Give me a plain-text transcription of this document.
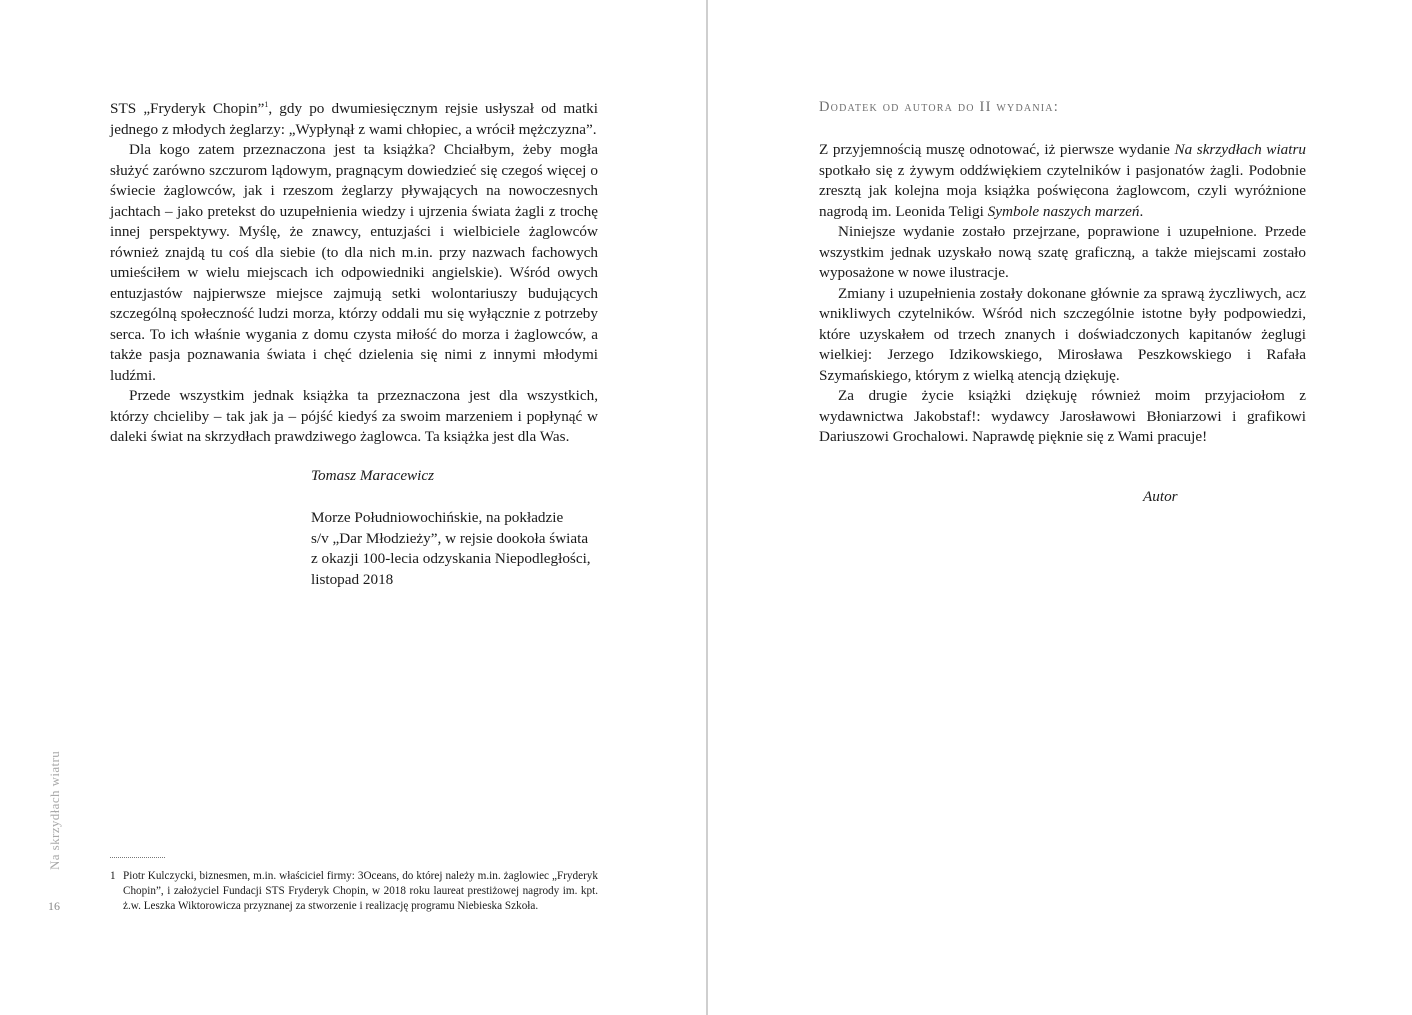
STS „Fryderyk Chopin”$^1$, gdy po dwumiesięcznym rejsie usłyszał od matki jednego z młodych żeglarzy: „Wypłynął z wami chłopiec, a wrócił mężczyzna”.

Dla kogo zatem przeznaczona jest ta książka? Chciałbym, żeby mogła służyć zarówno szczurom lądowym, pragnącym dowiedzieć się czegoś więcej o świecie żaglowców, jak i rzeszom żeglarzy pływających na nowoczesnych jachtach – jako pretekst do uzupełnienia wiedzy i ujrzenia świata żagli z trochę innej perspektywy. Myślę, że znawcy, entuzjaści i wielbiciele żaglowców również znajdą tu coś dla siebie (to dla nich m.in. przy nazwach fachowych umieściłem w wielu miejscach ich odpowiedniki angielskie). Wśród owych entuzjastów najpierwsze miejsce zajmują setki wolontariuszy budujących szczególną społeczność ludzi morza, którzy oddali mu się wyłącznie z potrzeby serca. To ich właśnie wygania z domu czysta miłość do morza i żaglowców, a także pasja poznawania świata i chęć dzielenia się nimi z innymi młodymi ludźmi.

Przede wszystkim jednak książka ta przeznaczona jest dla wszystkich, którzy chcieliby – tak jak ja – pójść kiedyś za swoim marzeniem i popłynąć w daleki świat na skrzydłach prawdziwego żaglowca. Ta książka jest dla Was.

Tomasz Maracewicz
Morze Południowochińskie, na pokładzie
s/v „Dar Młodzieży”, w rejsie dookoła świata
z okazji 100-lecia odzyskania Niepodległości,
listopad 2018
1 Piotr Kulczycki, biznesmen, m.in. właściciel firmy: 3Oceans, do której należy m.in. żaglowiec „Fryderyk Chopin”, i założyciel Fundacji STS Fryderyk Chopin, w 2018 roku laureat prestiżowej nagrody im. kpt. ż.w. Leszka Wiktorowicza przyznanej za stworzenie i realizację programu Niebieska Szkoła.
Na skrzydłach wiatru
16
Dodatek od autora do II wydania:

Z przyjemnością muszę odnotować, iż pierwsze wydanie Na skrzydłach wiatru spotkało się z żywym oddźwiękiem czytelników i pasjonatów żagli. Podobnie zresztą jak kolejna moja książka poświęcona żaglowcom, czyli wyróżnione nagrodą im. Leonida Teligi Symbole naszych marzeń.

Niniejsze wydanie zostało przejrzane, poprawione i uzupełnione. Przede wszystkim jednak uzyskało nową szatę graficzną, a także miejscami zostało wyposażone w nowe ilustracje.

Zmiany i uzupełnienia zostały dokonane głównie za sprawą życzliwych, acz wnikliwych czytelników. Wśród nich szczególnie istotne były podpowiedzi, które uzyskałem od trzech znanych i doświadczonych kapitanów żeglugi wielkiej: Jerzego Idzikowskiego, Mirosława Peszkowskiego i Rafała Szymańskiego, którym z wielką atencją dziękuję.

Za drugie życie książki dziękuję również moim przyjaciołom z wydawnictwa Jakobstaf!: wydawcy Jarosławowi Błoniarzowi i grafikowi Dariuszowi Grochalowi. Naprawdę pięknie się z Wami pracuje!

Autor
